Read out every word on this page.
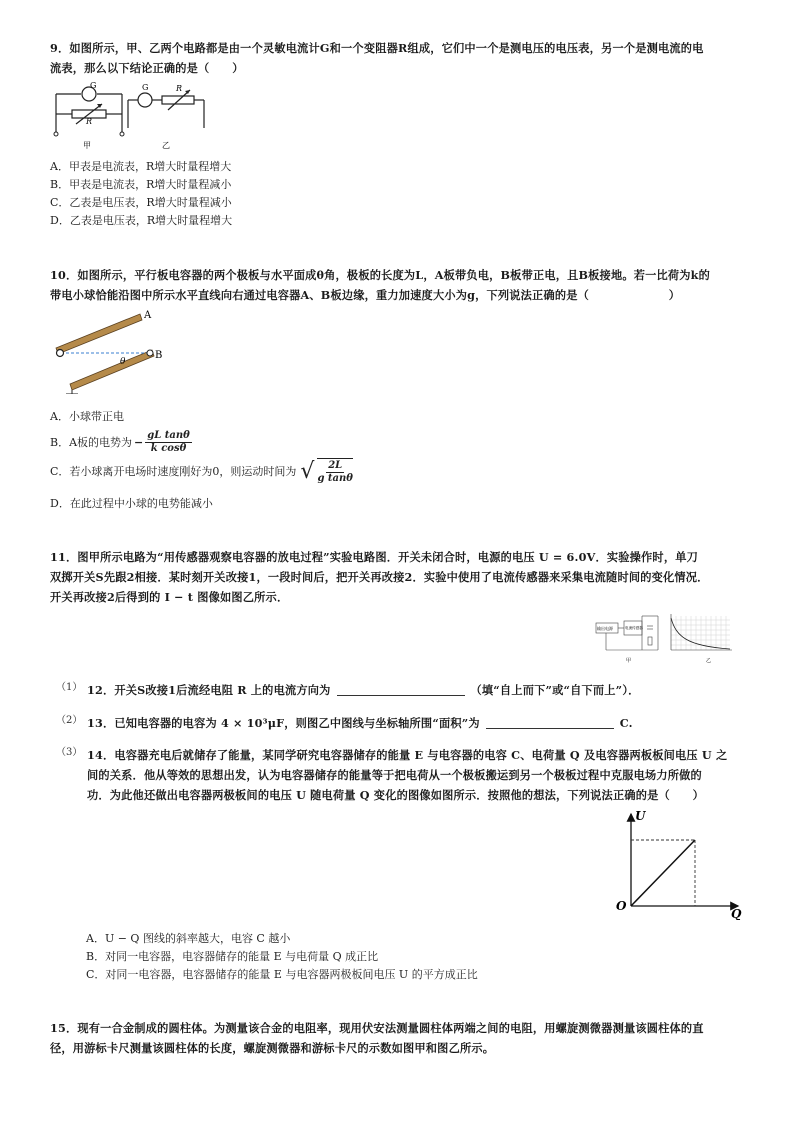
9．如图所示，甲、乙两个电路都是由一个灵敏电流计G和一个变阻器R组成，它们中一个是测电压的电压表，另一个是测电流的电
流表，那么以下结论正确的是（　　）
G
R
甲
G	R
乙
A．甲表是电流表，R增大时量程增大
B．甲表是电流表，R增大时量程减小
C．乙表是电压表，R增大时量程减小
D．乙表是电压表，R增大时量程增大
10．如图所示，平行板电容器的两个极板与水平面成θ角，极板的长度为L，A板带负电，B板带正电，且B板接地。若一比荷为k的
带电小球恰能沿图中所示水平直线向右通过电容器A、B板边缘，重力加速度大小为g，下列说法正确的是（　　　　　　　）
A
B
θ
A．小球带正电
B．A板的电势为 − $\frac{\text{gL tanθ}}{\text{k cosθ}}$
C．若小球离开电场时速度刚好为0，则运动时间为 √ $\frac{2L}{\text{g tanθ}}$
D．在此过程中小球的电势能减小
11．图甲所示电路为“用传感器观察电容器的放电过程”实验电路图．开关未闭合时，电源的电压 U = 6.0V．实验操作时，单刀
双掷开关S先跟2相接．某时刻开关改接1，一段时间后，把开关再改接2．实验中使用了电流传感器来采集电流随时间的变化情况．
开关再改接2后得到的 I − t 图像如图乙所示．
输出电源	电流传感器
甲	乙
（1） 12．开关S改接1后流经电阻 R 上的电流方向为	（填“自上而下”或“自下而上”）．
（2） 13．已知电容器的电容为 4 × 10³μF，则图乙中图线与坐标轴所围“面积”为	C.
（3） 14．电容器充电后就储存了能量，某同学研究电容器储存的能量 E 与电容器的电容 C、电荷量 Q 及电容器两板板间电压 U 之
间的关系．他从等效的思想出发，认为电容器储存的能量等于把电荷从一个极板搬运到另一个极板过程中克服电场力所做的
功．为此他还做出电容器两极板间的电压 U 随电荷量 Q 变化的图像如图所示．按照他的想法，下列说法正确的是（　　）
U
Q
O
A．U − Q 图线的斜率越大，电容 C 越小
B．对同一电容器，电容器储存的能量 E 与电荷量 Q 成正比
C．对同一电容器，电容器储存的能量 E 与电容器两极板间电压 U 的平方成正比
15．现有一合金制成的圆柱体。为测量该合金的电阻率，现用伏安法测量圆柱体两端之间的电阻，用螺旋测微器测量该圆柱体的直
径，用游标卡尺测量该圆柱体的长度，螺旋测微器和游标卡尺的示数如图甲和图乙所示。
